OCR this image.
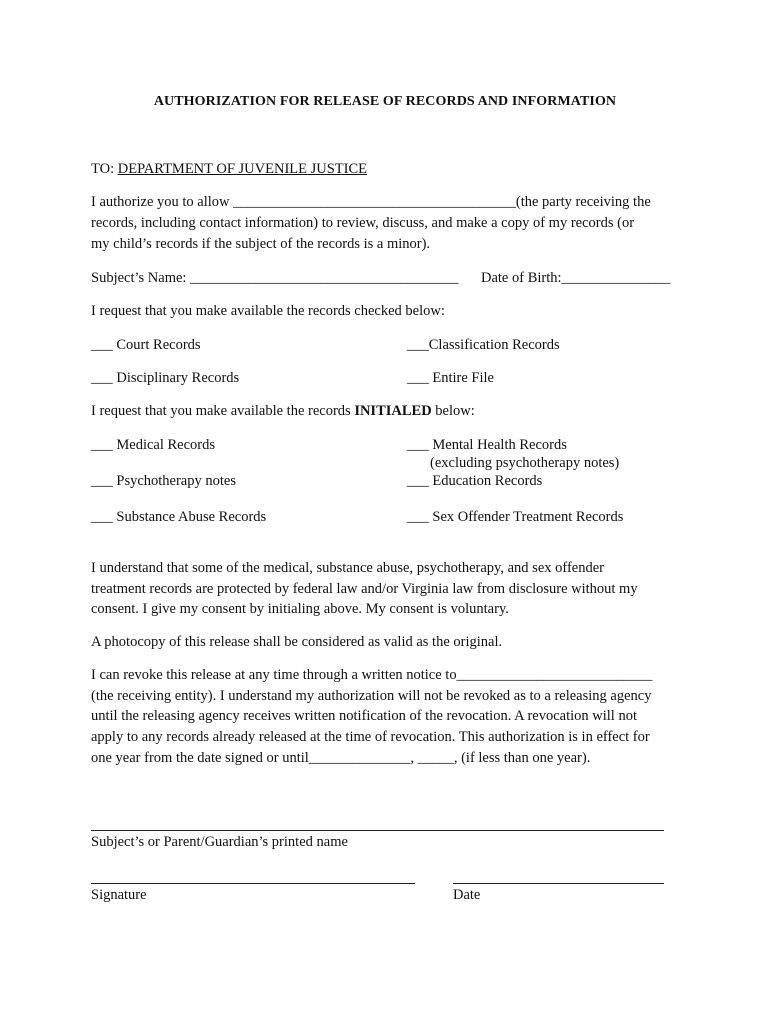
AUTHORIZATION FOR RELEASE OF RECORDS AND INFORMATION
TO: DEPARTMENT OF JUVENILE JUSTICE
I authorize you to allow _______________________________________(the party receiving the
records, including contact information) to review, discuss, and make a copy of my records (or
my child’s records if the subject of the records is a minor).
Subject’s Name: _____________________________________ Date of Birth:_______________
I request that you make available the records checked below:
___ Court Records	___Classification Records
___ Disciplinary Records	___ Entire File
I request that you make available the records INITIALED below:
___ Medical Records	___ Mental Health Records
(excluding psychotherapy notes)
___ Psychotherapy notes	___ Education Records
___ Substance Abuse Records	___ Sex Offender Treatment Records
I understand that some of the medical, substance abuse, psychotherapy, and sex offender
treatment records are protected by federal law and/or Virginia law from disclosure without my
consent. I give my consent by initialing above. My consent is voluntary.
A photocopy of this release shall be considered as valid as the original.
I can revoke this release at any time through a written notice to___________________________
(the receiving entity). I understand my authorization will not be revoked as to a releasing agency
until the releasing agency receives written notification of the revocation. A revocation will not
apply to any records already released at the time of revocation. This authorization is in effect for
one year from the date signed or until______________, _____, (if less than one year).
Subject’s or Parent/Guardian’s printed name
Signature	Date
